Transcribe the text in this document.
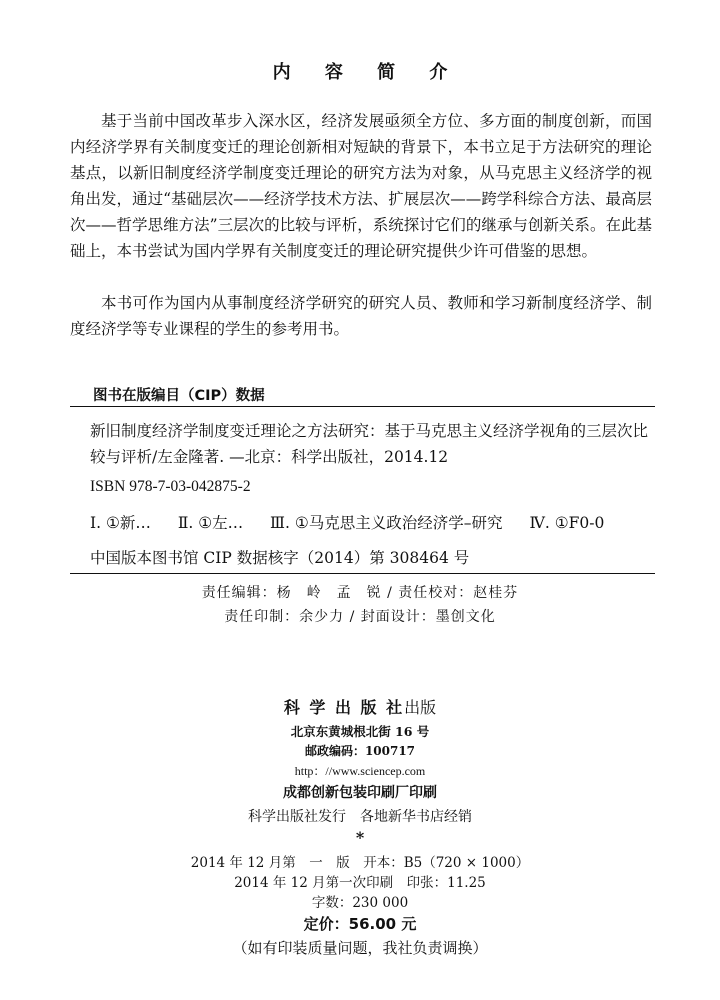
内 容 简 介

基于当前中国改革步入深水区，经济发展亟须全方位、多方面的制度创新，而国内经济学界有关制度变迁的理论创新相对短缺的背景下，本书立足于方法研究的理论基点，以新旧制度经济学制度变迁理论的研究方法为对象，从马克思主义经济学的视角出发，通过“基础层次——经济学技术方法、扩展层次——跨学科综合方法、最高层次——哲学思维方法”三层次的比较与评析，系统探讨它们的继承与创新关系。在此基础上，本书尝试为国内学界有关制度变迁的理论研究提供少许可借鉴的思想。

本书可作为国内从事制度经济学研究的研究人员、教师和学习新制度经济学、制度经济学等专业课程的学生的参考用书。

图书在版编目（CIP）数据

新旧制度经济学制度变迁理论之方法研究：基于马克思主义经济学视角的三层次比较与评析/左金隆著. —北京：科学出版社，2014.12

ISBN 978-7-03-042875-2

Ⅰ. ①新… Ⅱ. ①左… Ⅲ. ①马克思主义政治经济学–研究 Ⅳ. ①F0-0

中国版本图书馆 CIP 数据核字（2014）第 308464 号

责任编辑：杨　岭　孟　锐 / 责任校对：赵桂芬
责任印制：余少力 / 封面设计：墨创文化

科 学 出 版 社出版

北京东黄城根北街 16 号

邮政编码：100717

http：//www.sciencep.com

成都创新包装印刷厂印刷

科学出版社发行　各地新华书店经销

*

2014 年 12 月第　一　版　开本：B5（720 × 1000）

2014 年 12 月第一次印刷　印张：11.25

字数：230 000

定价：56.00 元

（如有印装质量问题，我社负责调换）
